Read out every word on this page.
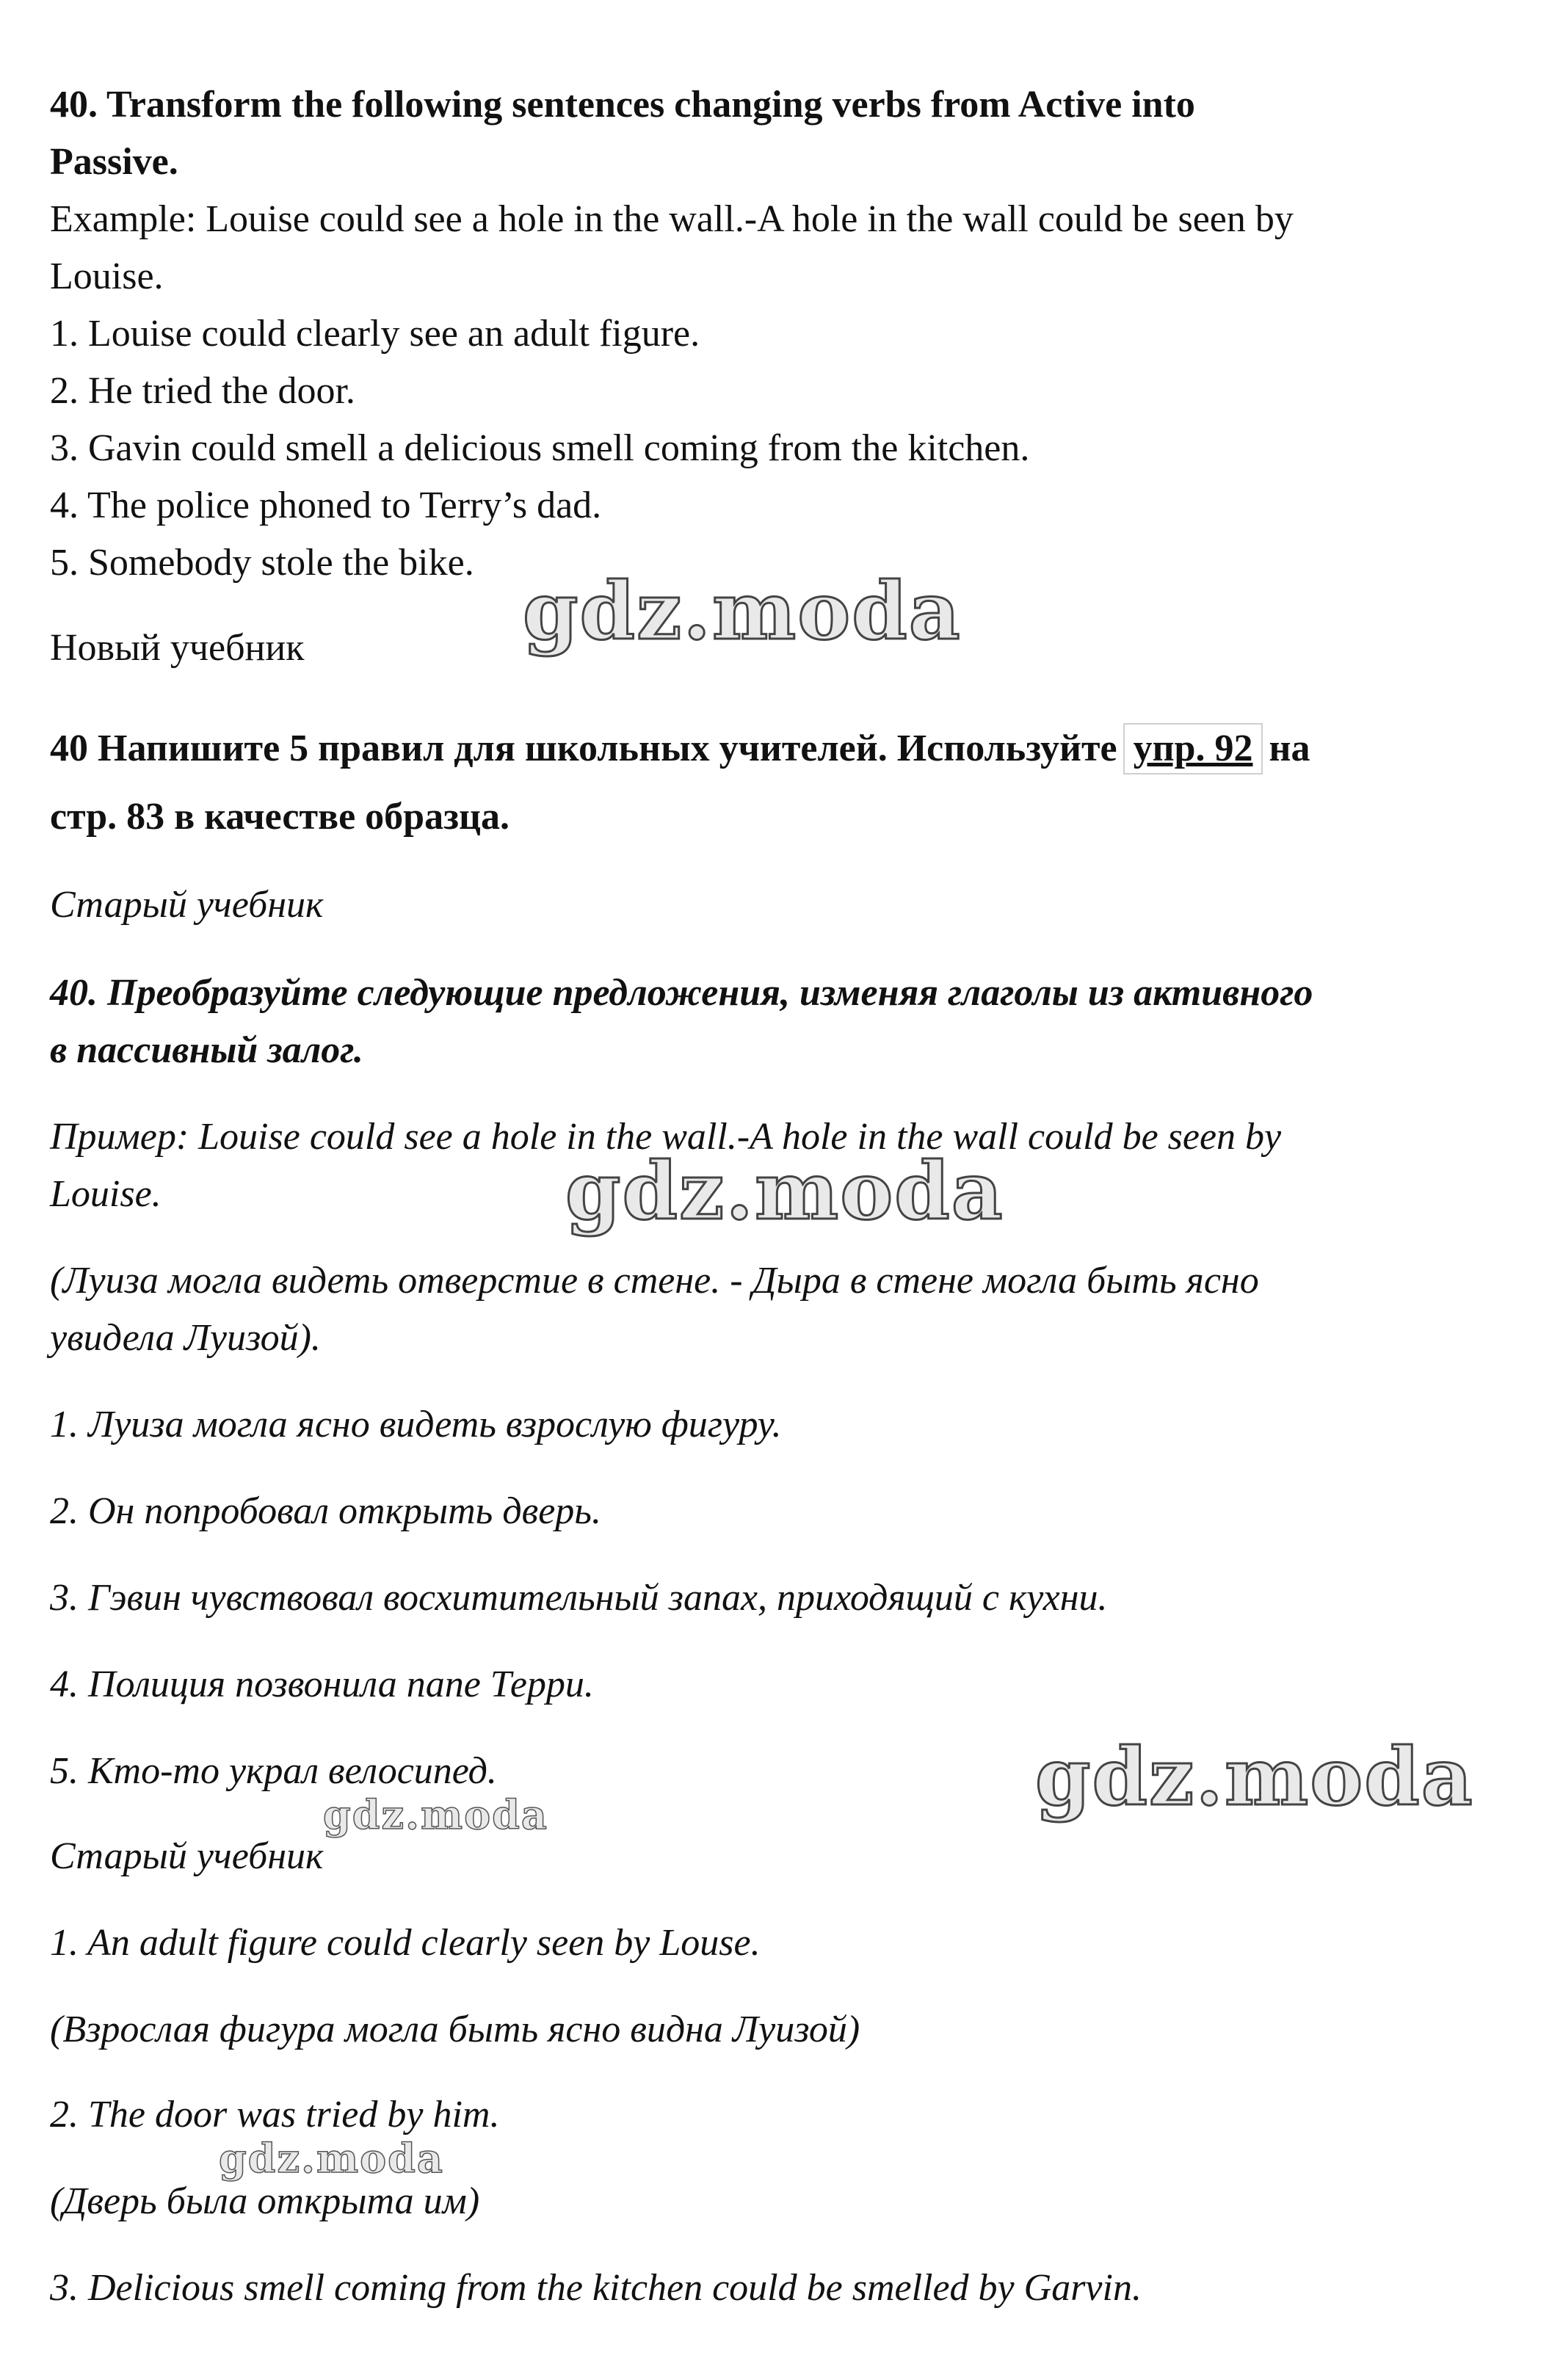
40. Transform the following sentences changing verbs from Active into
Passive.
Example: Louise could see a hole in the wall.-A hole in the wall could be seen by
Louise.
1. Louise could clearly see an adult figure.
2. He tried the door.
3. Gavin could smell a delicious smell coming from the kitchen.
4. The police phoned to Terry’s dad.
5. Somebody stole the bike.
Новый учебник
40 Напишите 5 правил для школьных учителей. Используйте упр. 92 на
стр. 83 в качестве образца.
Старый учебник
40. Преобразуйте следующие предложения, изменяя глаголы из активного
в пассивный залог.
Пример: Louise could see a hole in the wall.-A hole in the wall could be seen by
Louise.
(Луиза могла видеть отверстие в стене. - Дыра в стене могла быть ясно
увидела Луизой).
1. Луиза могла ясно видеть взрослую фигуру.
2. Он попробовал открыть дверь.
3. Гэвин чувствовал восхитительный запах, приходящий с кухни.
4. Полиция позвонила папе Терри.
5. Кто-то украл велосипед.
Старый учебник
1. An adult figure could clearly seen by Louse.
(Взрослая фигура могла быть ясно видна Луизой)
2. The door was tried by him.
(Дверь была открыта им)
3. Delicious smell coming from the kitchen could be smelled by Garvin.
gdz.moda
gdz.moda
gdz.moda
gdz.moda
gdz.moda
